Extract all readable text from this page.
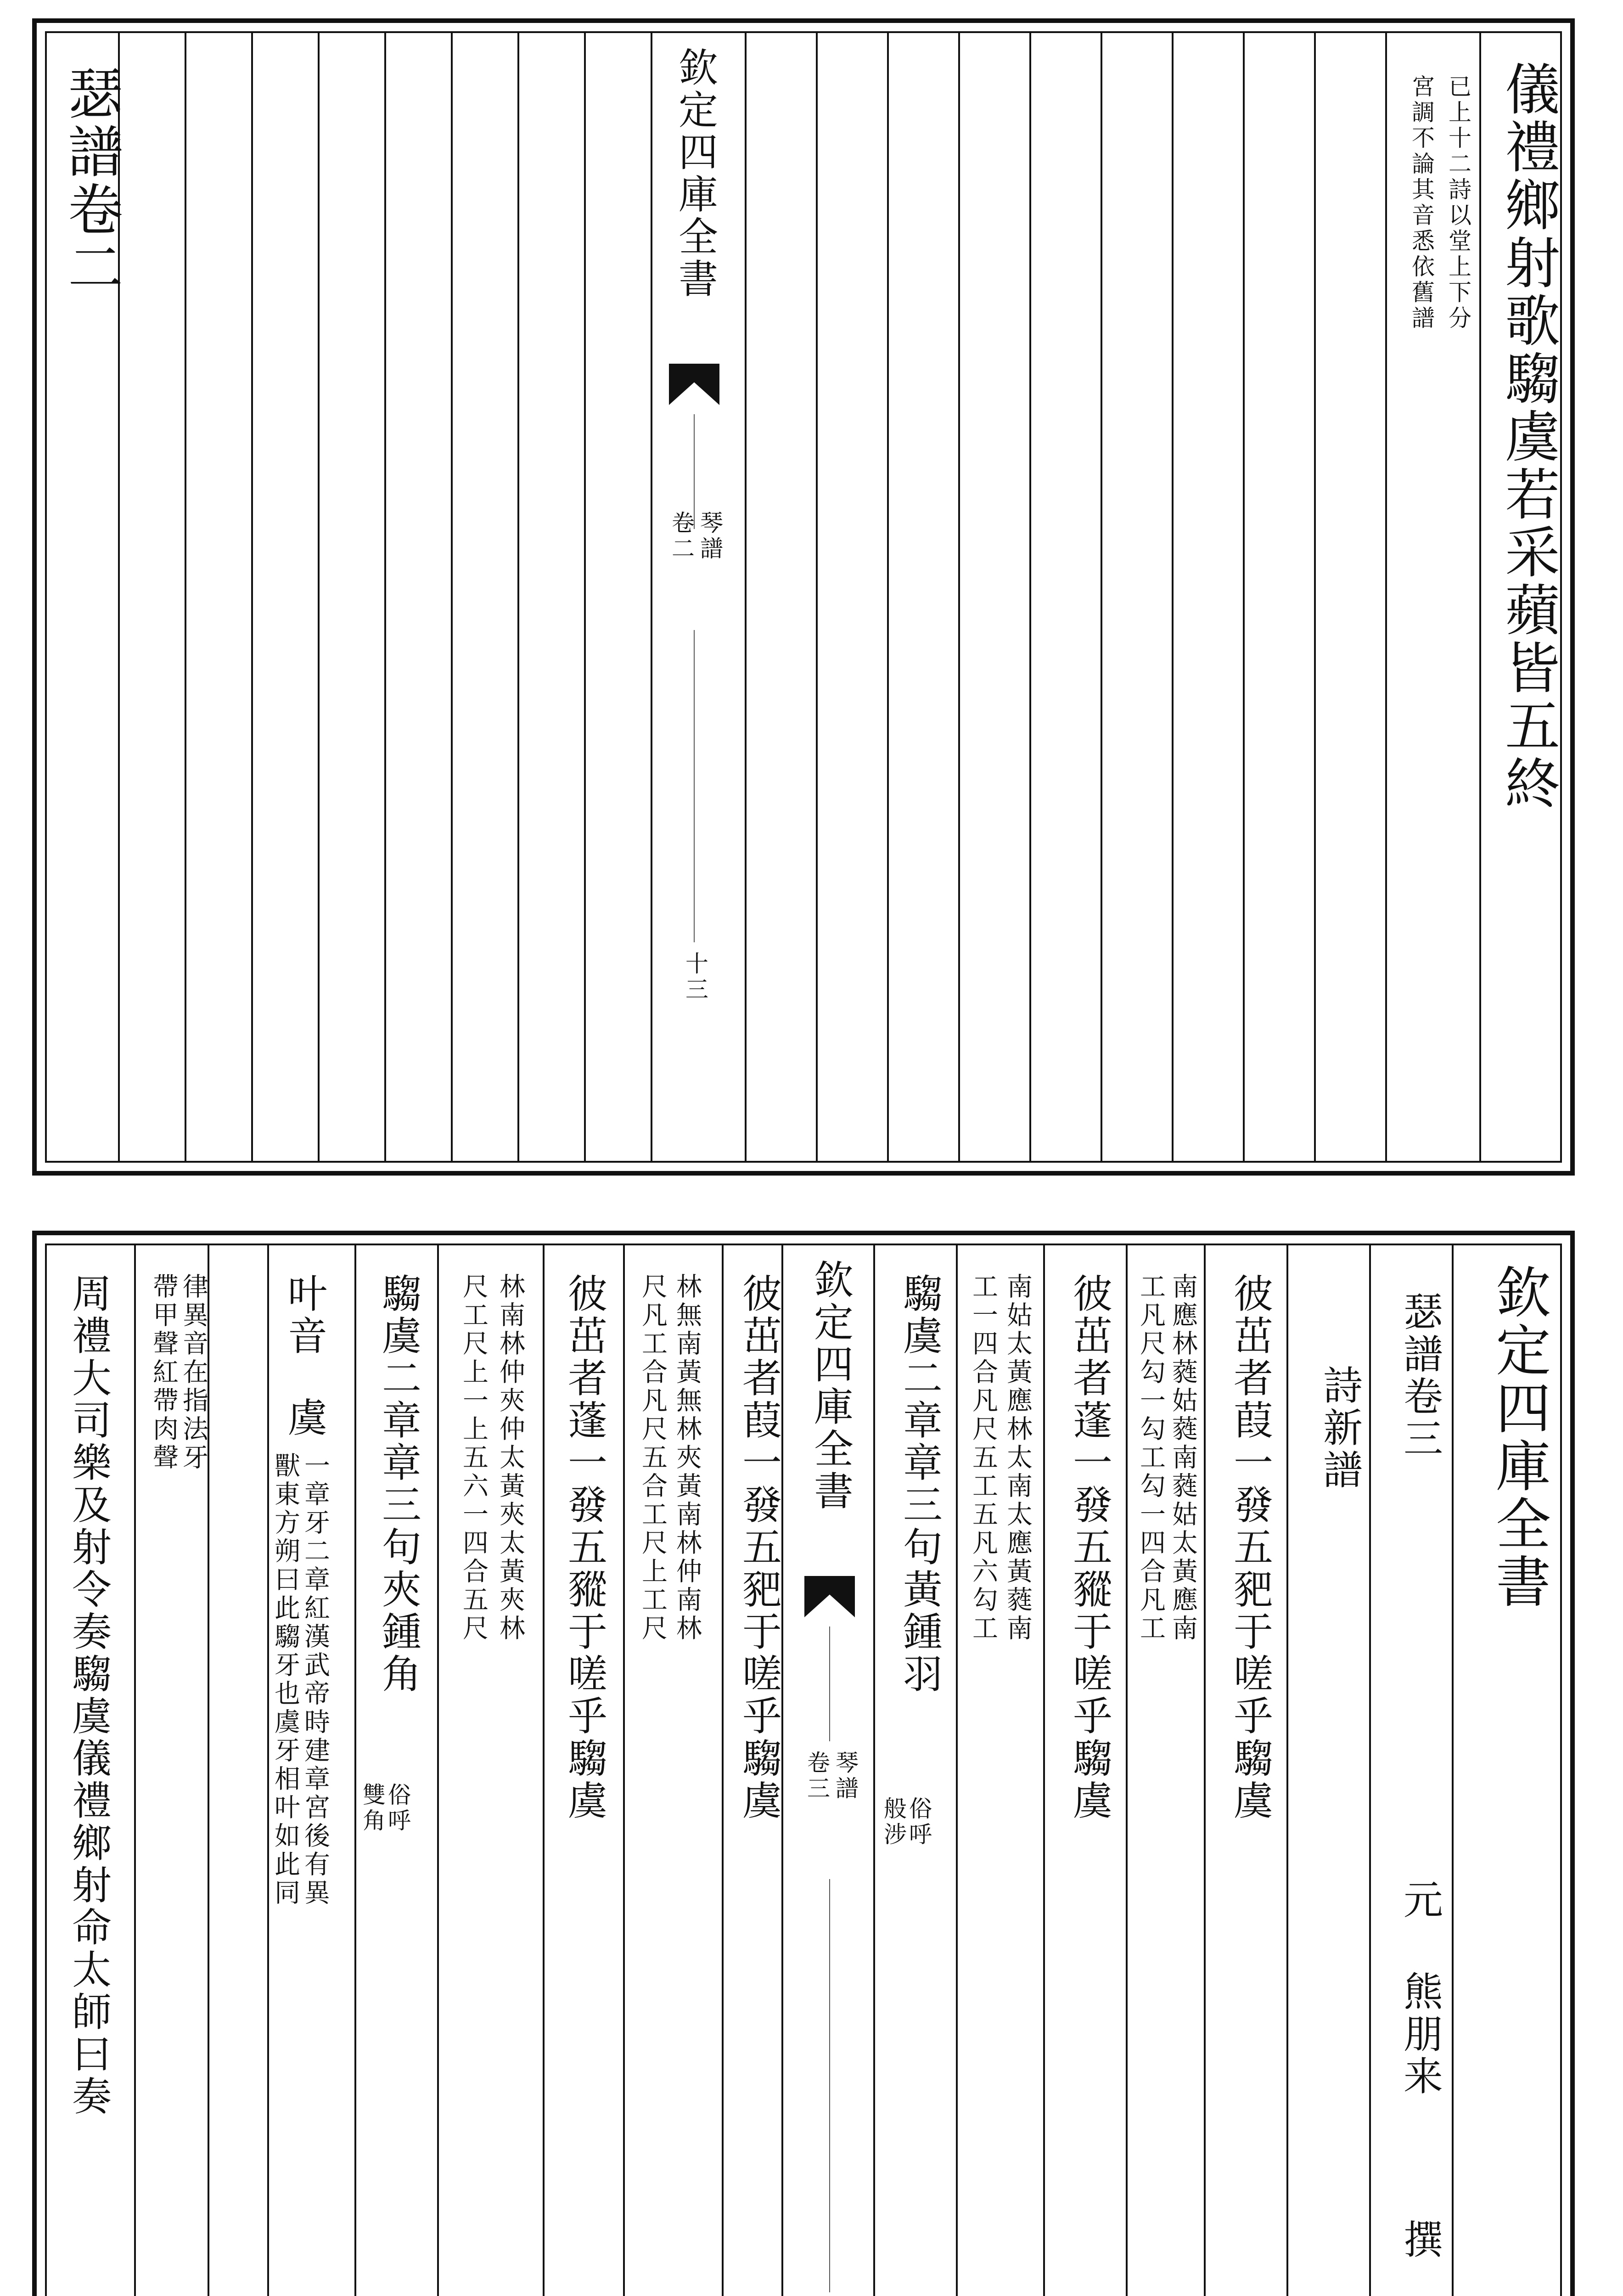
儀禮鄉射歌騶虞若采蘋皆五終
已上十二詩以堂上下分
宮調不論其音悉依舊譜
欽定四庫全書
琴譜
卷二
十三
瑟譜卷二
欽定四庫全書
瑟譜卷三
元
熊朋来
撰
詩新譜
彼茁者葭一發五豝于嗟乎騶虞
南應林蕤姑蕤南蕤姑太黃應南
工凡尺勾一勾工勾一四合凡工
彼茁者蓬一發五豵于嗟乎騶虞
南姑太黃應林太南太應黃蕤南
工一四合凡尺五工五凡六勾工
騶虞二章章三句黃鍾羽
俗呼
般涉
欽定四庫全書
琴譜
卷三
彼茁者葭一發五豝于嗟乎騶虞
林無南黃無林夾黃南林仲南林
尺凡工合凡尺五合工尺上工尺
彼茁者蓬一發五豵于嗟乎騶虞
林南林仲夾仲太黃夾太黃夾林
尺工尺上一上五六一四合五尺
騶虞二章章三句夾鍾角
俗呼
雙角
叶音
虞
一章牙二章紅漢武帝時建章宮後有異
獸東方朔曰此騶牙也虞牙相叶如此同
律異音在指法牙
帶甲聲紅帶肉聲
周禮大司樂及射令奏騶虞儀禮鄉射命太師曰奏
